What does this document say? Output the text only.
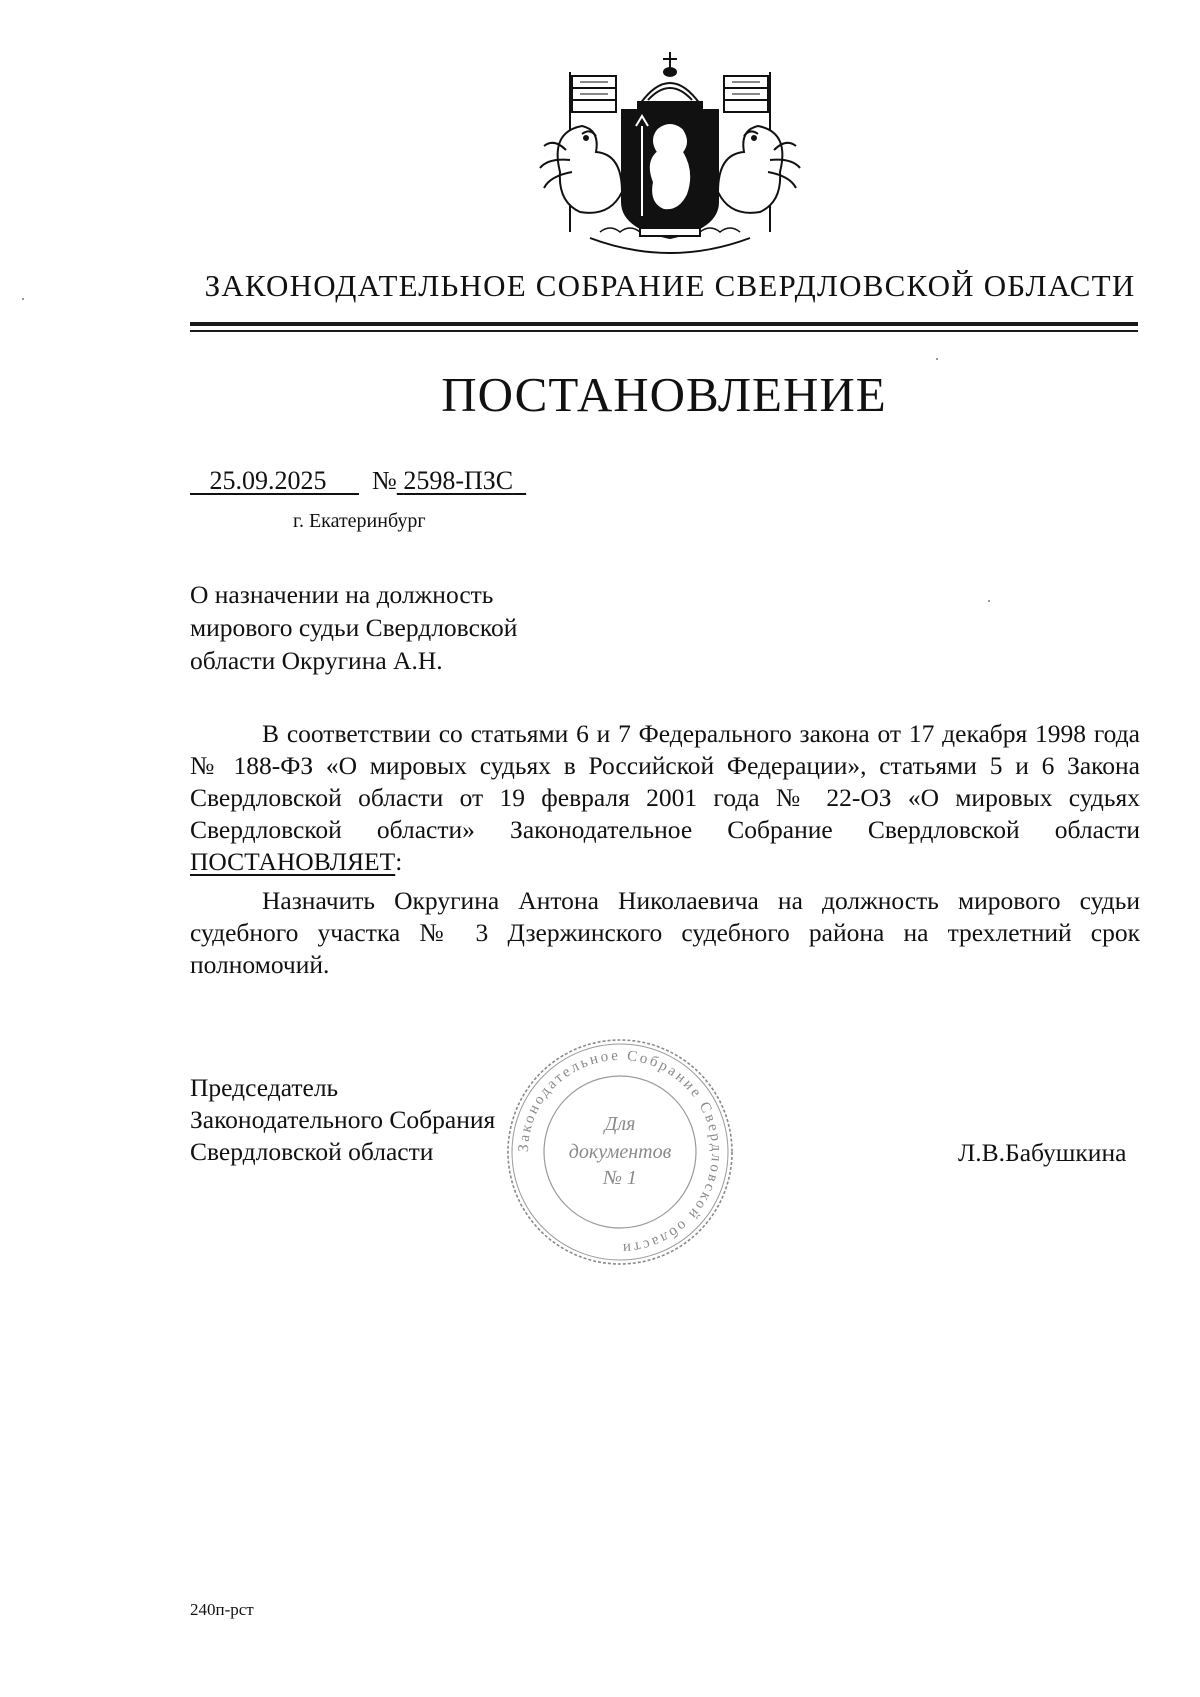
ЗАКОНОДАТЕЛЬНОЕ СОБРАНИЕ СВЕРДЛОВСКОЙ ОБЛАСТИ
ПОСТАНОВЛЕНИЕ
25.09.2025 № 2598-ПЗС
г. Екатеринбург
О назначении на должность
мирового судьи Свердловской
области Округина А.Н.
В соответствии со статьями 6 и 7 Федерального закона от 17 декабря 1998 года № 188-ФЗ «О мировых судьях в Российской Федерации», статьями 5 и 6 Закона Свердловской области от 19 февраля 2001 года № 22-ОЗ «О мировых судьях Свердловской области» Законодательное Собрание Свердловской области ПОСТАНОВЛЯЕТ:
Назначить Округина Антона Николаевича на должность мирового судьи судебного участка № 3 Дзержинского судебного района на трехлетний срок полномочий.
Председатель
Законодательного Собрания
Свердловской области	Законодательное Собрание Свердловской области
Для
документов
№ 1
Л.В.Бабушкина
240п-рст
